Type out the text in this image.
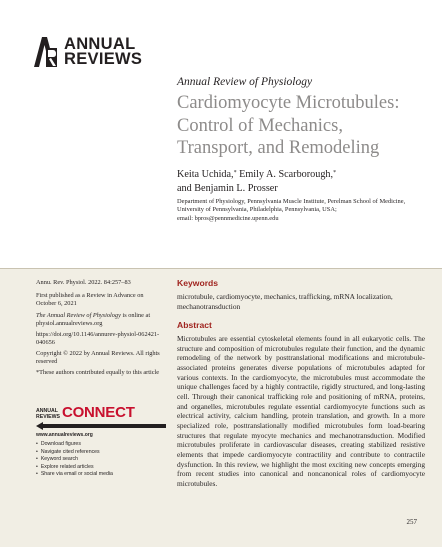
ANNUAL
REVIEWS
Annual Review of Physiology
Cardiomyocyte Microtubules: Control of Mechanics, Transport, and Remodeling
Keita Uchida,* Emily A. Scarborough,*
and Benjamin L. Prosser
Department of Physiology, Pennsylvania Muscle Institute, Perelman School of Medicine,
University of Pennsylvania, Philadelphia, Pennsylvania, USA;
email: bpros@pennmedicine.upenn.edu
Annu. Rev. Physiol. 2022. 84:257–83
First published as a Review in Advance on October 6, 2021
The Annual Review of Physiology is online at physiol.annualreviews.org
https://doi.org/10.1146/annurev-physiol-062421-040656
Copyright © 2022 by Annual Reviews. All rights reserved
*These authors contributed equally to this article
ANNUAL
REVIEWS CONNECT
www.annualreviews.org
• Download figures
• Navigate cited references
• Keyword search
• Explore related articles
• Share via email or social media
Keywords
microtubule, cardiomyocyte, mechanics, trafficking, mRNA localization, mechanotransduction
Abstract
Microtubules are essential cytoskeletal elements found in all eukaryotic cells. The structure and composition of microtubules regulate their function, and the dynamic remodeling of the network by posttranslational modifications and microtubule-associated proteins generates diverse populations of microtubules adapted for various contexts. In the cardiomyocyte, the microtubules must accommodate the unique challenges faced by a highly contractile, rigidly structured, and long-lasting cell. Through their canonical trafficking role and positioning of mRNA, proteins, and organelles, microtubules regulate essential cardiomyocyte functions such as electrical activity, calcium handling, protein translation, and growth. In a more specialized role, posttranslationally modified microtubules form load-bearing structures that regulate myocyte mechanics and mechanotransduction. Modified microtubules proliferate in cardiovascular diseases, creating stabilized resistive elements that impede cardiomyocyte contractility and contribute to contractile dysfunction. In this review, we highlight the most exciting new concepts emerging from recent studies into canonical and noncanonical roles of cardiomyocyte microtubules.
257
